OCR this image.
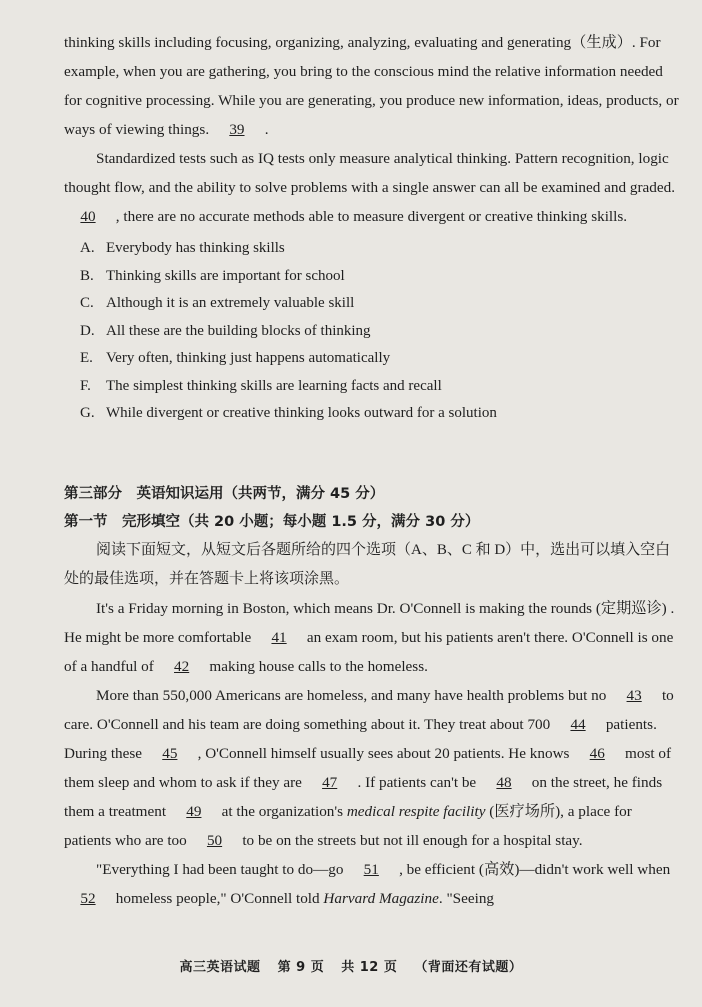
thinking skills including focusing, organizing, analyzing, evaluating and generating（生成）. For example, when you are gathering, you bring to the conscious mind the relative information needed for cognitive processing. While you are generating, you produce new information, ideas, products, or ways of viewing things. 39 .

Standardized tests such as IQ tests only measure analytical thinking. Pattern recognition, logic thought flow, and the ability to solve problems with a single answer can all be examined and graded. 40 , there are no accurate methods able to measure divergent or creative thinking skills.

A. Everybody has thinking skills
B. Thinking skills are important for school
C. Although it is an extremely valuable skill
D. All these are the building blocks of thinking
E. Very often, thinking just happens automatically
F. The simplest thinking skills are learning facts and recall
G. While divergent or creative thinking looks outward for a solution

第三部分　英语知识运用（共两节，满分 45 分）

第一节　完形填空（共 20 小题；每小题 1.5 分，满分 30 分）

阅读下面短文，从短文后各题所给的四个选项（A、B、C 和 D）中，选出可以填入空白处的最佳选项，并在答题卡上将该项涂黑。

It's a Friday morning in Boston, which means Dr. O'Connell is making the rounds (定期巡诊) . He might be more comfortable 41 an exam room, but his patients aren't there. O'Connell is one of a handful of 42 making house calls to the homeless.

More than 550,000 Americans are homeless, and many have health problems but no 43 to care. O'Connell and his team are doing something about it. They treat about 700 44 patients. During these 45 , O'Connell himself usually sees about 20 patients. He knows 46 most of them sleep and whom to ask if they are 47 . If patients can't be 48 on the street, he finds them a treatment 49 at the organization's medical respite facility (医疗场所), a place for patients who are too 50 to be on the streets but not ill enough for a hospital stay.

"Everything I had been taught to do—go 51 , be efficient (高效)—didn't work well when 52 homeless people," O'Connell told Harvard Magazine. "Seeing

高三英语试题 第 9 页 共 12 页 （背面还有试题）
